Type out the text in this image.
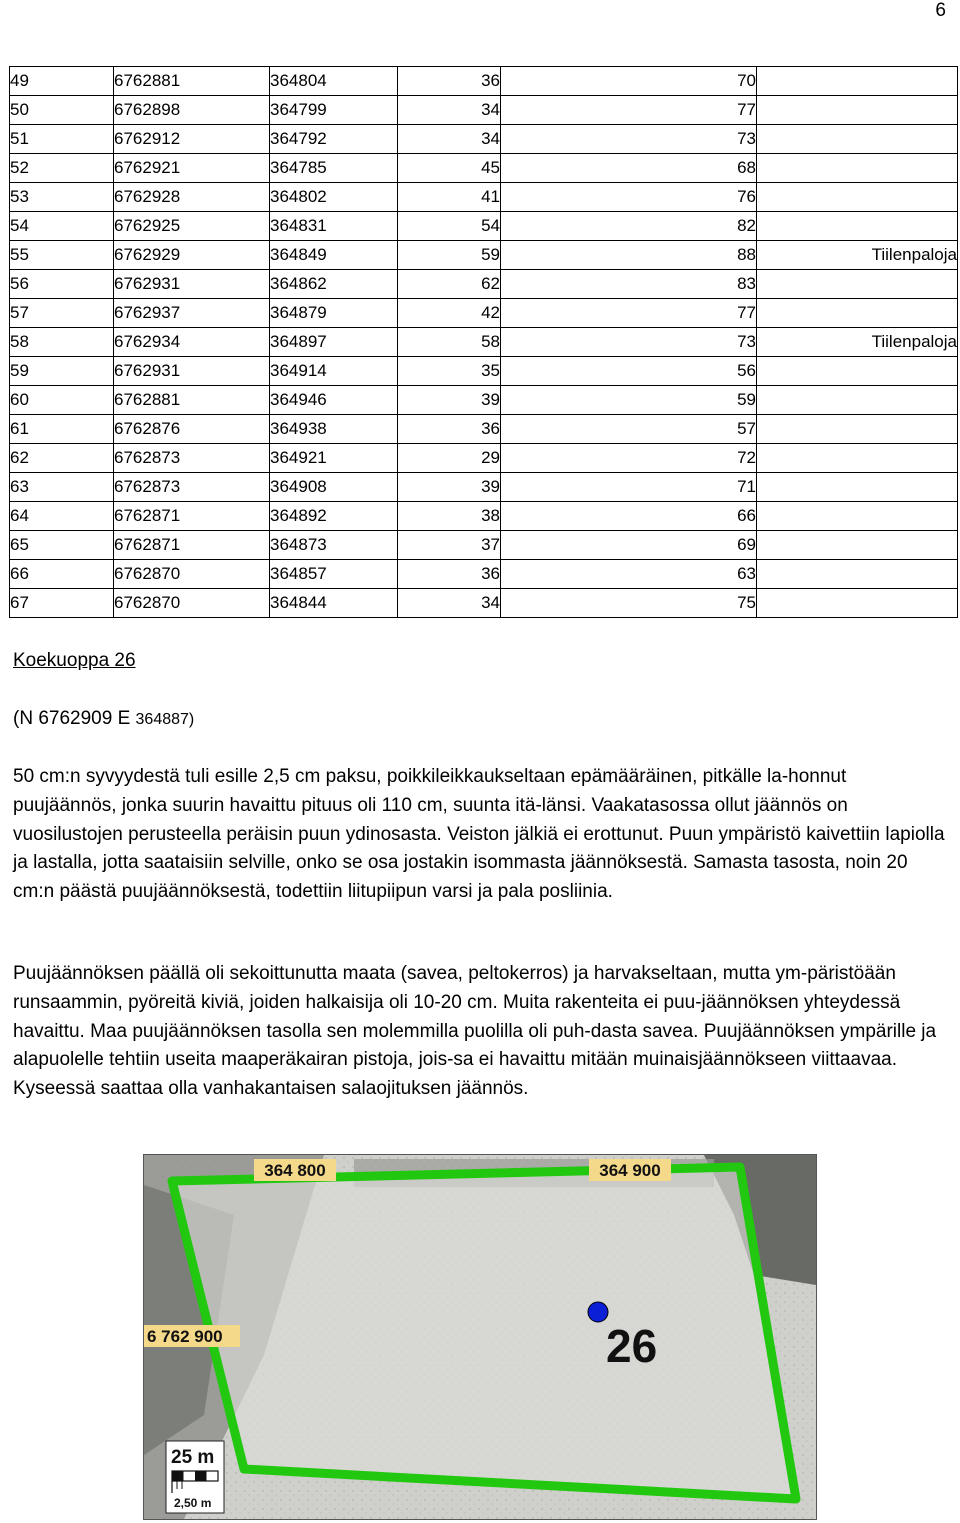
6
49	6762881	364804	36	70	
50	6762898	364799	34	77	
51	6762912	364792	34	73	
52	6762921	364785	45	68	
53	6762928	364802	41	76	
54	6762925	364831	54	82	
55	6762929	364849	59	88	Tiilenpaloja
56	6762931	364862	62	83	
57	6762937	364879	42	77	
58	6762934	364897	58	73	Tiilenpaloja
59	6762931	364914	35	56	
60	6762881	364946	39	59	
61	6762876	364938	36	57	
62	6762873	364921	29	72	
63	6762873	364908	39	71	
64	6762871	364892	38	66	
65	6762871	364873	37	69	
66	6762870	364857	36	63	
67	6762870	364844	34	75	
Koekuoppa 26
(N 6762909 E 364887)

50 cm:n syvyydestä tuli esille 2,5 cm paksu, poikkileikkaukseltaan epämääräinen, pitkälle la-honnut puujäännös, jonka suurin havaittu pituus oli 110 cm, suunta itä-länsi. Vaakatasossa ollut jäännös on vuosilustojen perusteella peräisin puun ydinosasta. Veiston jälkiä ei erottunut. Puun ympäristö kaivettiin lapiolla ja lastalla, jotta saataisiin selville, onko se osa jostakin isommasta jäännöksestä. Samasta tasosta, noin 20 cm:n päästä puujäännöksestä, todettiin liitupiipun varsi ja pala posliinia.

Puujäännöksen päällä oli sekoittunutta maata (savea, peltokerros) ja harvakseltaan, mutta ym-päristöään runsaammin, pyöreitä kiviä, joiden halkaisija oli 10-20 cm. Muita rakenteita ei puu-jäännöksen yhteydessä havaittu. Maa puujäännöksen tasolla sen molemmilla puolilla oli puh-dasta savea. Puujäännöksen ympärille ja alapuolelle tehtiin useita maaperäkairan pistoja, jois-sa ei havaittu mitään muinaisjäännökseen viittaavaa. Kyseessä saattaa olla vanhakantaisen salaojituksen jäännös.

364 800	364 900
6 762 900	26
25 m
2,50 m
